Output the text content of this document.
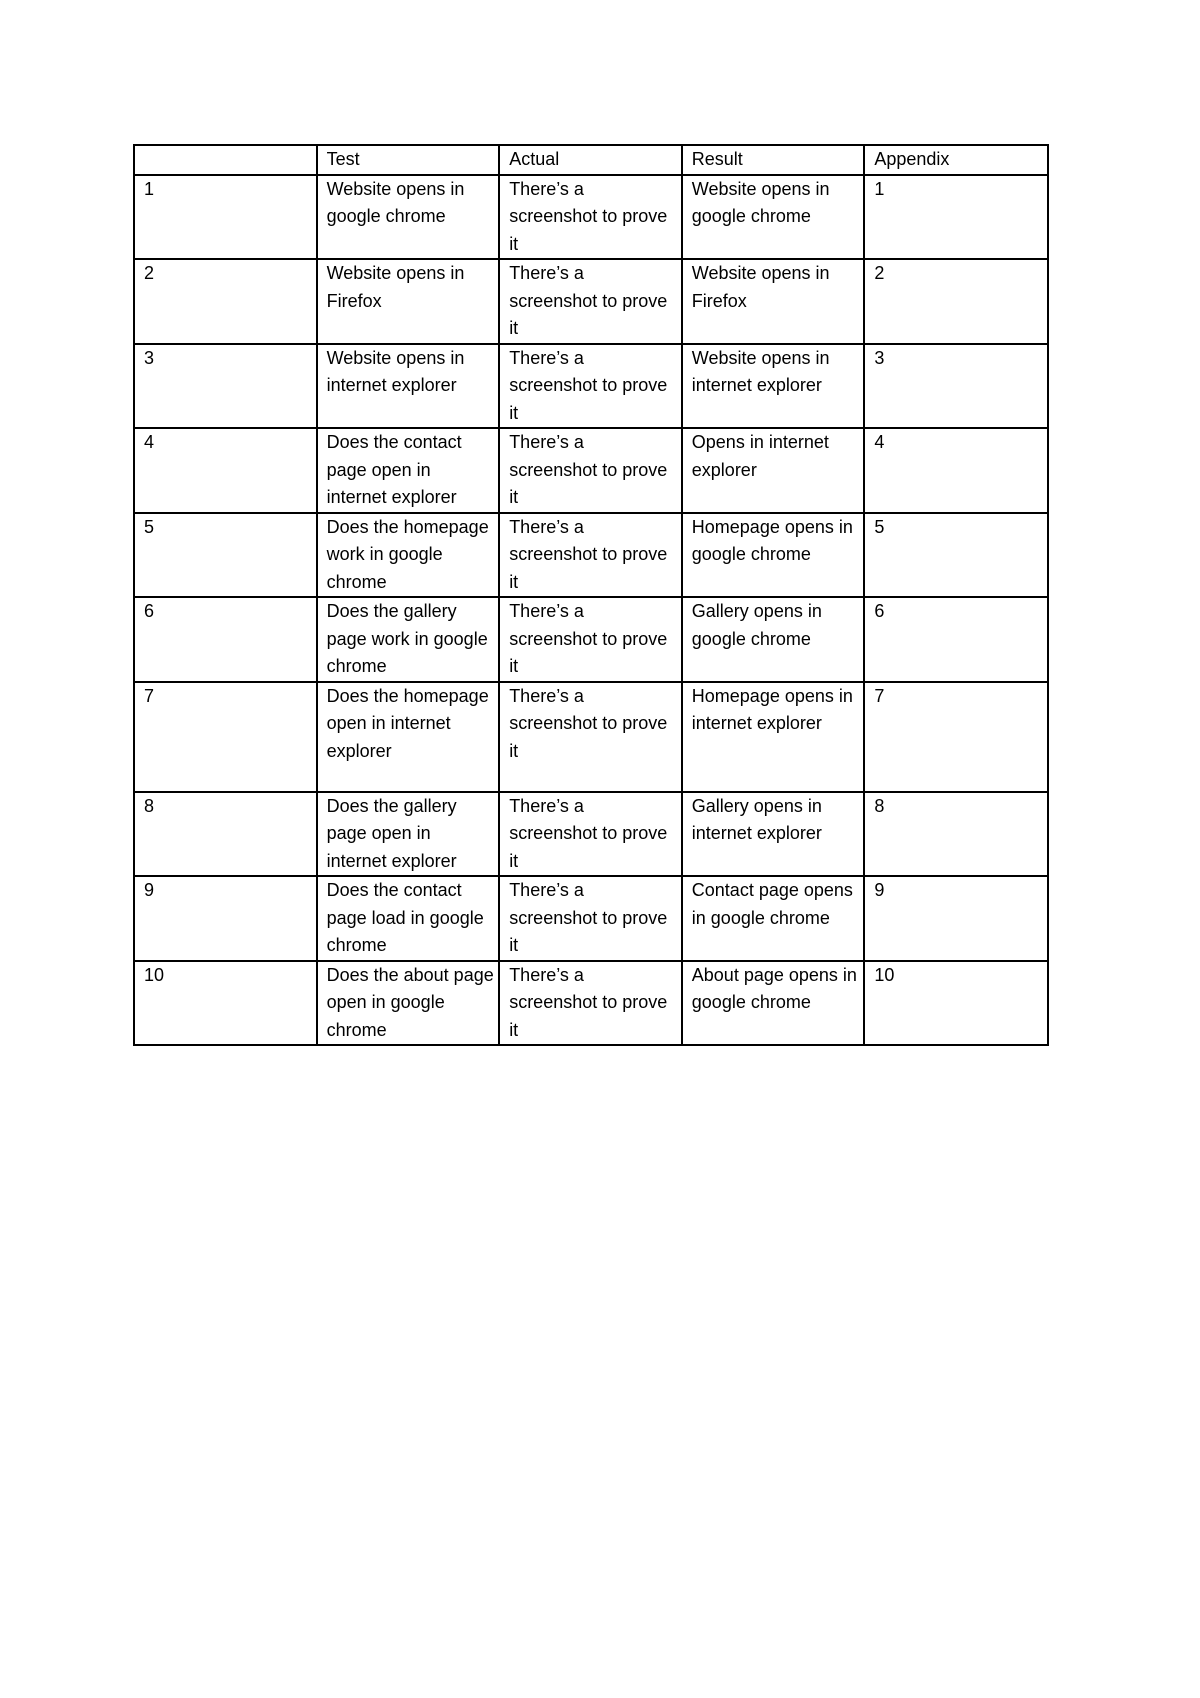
	Test	Actual	Result	Appendix
1	Website opens in google chrome	There’s a screenshot to prove it	Website opens in google chrome	1
2	Website opens in Firefox	There’s a screenshot to prove it	Website opens in Firefox	2
3	Website opens in internet explorer	There’s a screenshot to prove it	Website opens in internet explorer	3
4	Does the contact page open in internet explorer	There’s a screenshot to prove it	Opens in internet explorer	4
5	Does the homepage work in google chrome	There’s a screenshot to prove it	Homepage opens in google chrome	5
6	Does the gallery page work in google chrome	There’s a screenshot to prove it	Gallery opens in google chrome	6
7	Does the homepage open in internet explorer	There’s a screenshot to prove it	Homepage opens in internet explorer	7
8	Does the gallery page open in internet explorer	There’s a screenshot to prove it	Gallery opens in internet explorer	8
9	Does the contact page load in google chrome	There’s a screenshot to prove it	Contact page opens in google chrome	9
10	Does the about page open in google chrome	There’s a screenshot to prove it	About page opens in google chrome	10
